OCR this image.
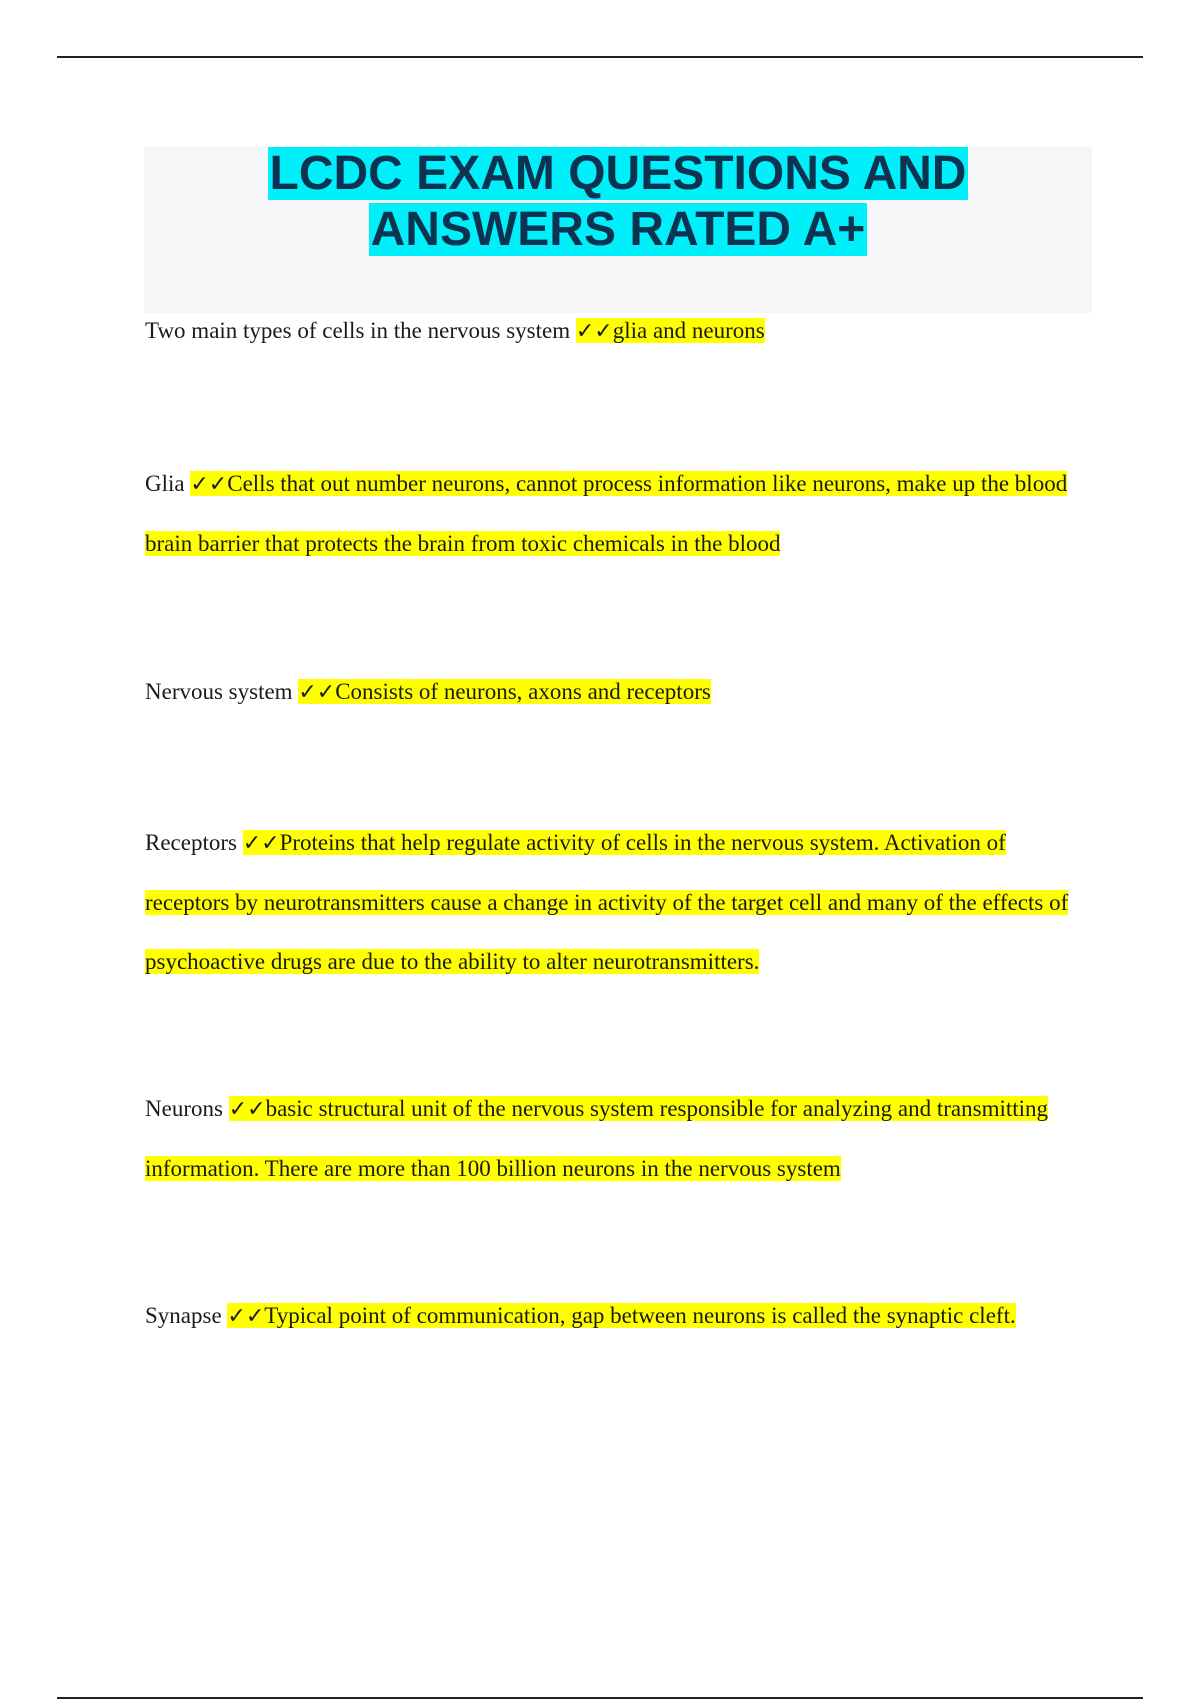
LCDC EXAM QUESTIONS AND
ANSWERS RATED A+

Two main types of cells in the nervous system ✓✓glia and neurons

Glia ✓✓Cells that out number neurons, cannot process information like neurons, make up the blood brain barrier that protects the brain from toxic chemicals in the blood

Nervous system ✓✓Consists of neurons, axons and receptors

Receptors ✓✓Proteins that help regulate activity of cells in the nervous system. Activation of receptors by neurotransmitters cause a change in activity of the target cell and many of the effects of psychoactive drugs are due to the ability to alter neurotransmitters.

Neurons ✓✓basic structural unit of the nervous system responsible for analyzing and transmitting information. There are more than 100 billion neurons in the nervous system

Synapse ✓✓Typical point of communication, gap between neurons is called the synaptic cleft.
